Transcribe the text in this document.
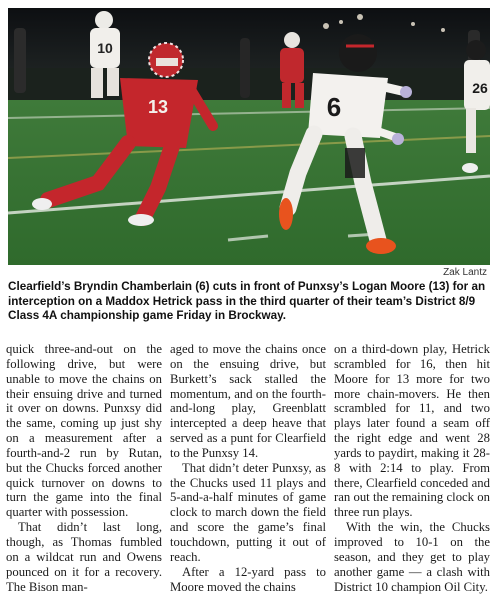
10
13	6
26
Zak Lantz
Clearfield’s Bryndin Chamberlain (6) cuts in front of Punxsy’s Logan Moore (13) for an interception on a Maddox Hetrick pass in the third quarter of their team’s District 8/9 Class 4A championship game Friday in Brockway.

quick three-and-out on the following drive, but were unable to move the chains on their ensuing drive and turned it over on downs. Punxsy did the same, coming up just shy on a measurement after a fourth-and-2 run by Rutan, but the Chucks forced another quick turnover on downs to turn the game into the final quarter with possession.

That didn’t last long, though, as Thomas fumbled on a wildcat run and Owens pounced on it for a recovery. The Bison man-

aged to move the chains once on the ensuing drive, but Burkett’s sack stalled the momentum, and on the fourth-and-long play, Greenblatt intercepted a deep heave that served as a punt for Clearfield to the Punxsy 14.

That didn’t deter Punxsy, as the Chucks used 11 plays and 5-and-a-half minutes of game clock to march down the field and score the game’s final touchdown, putting it out of reach.

After a 12-yard pass to Moore moved the chains

on a third-down play, Hetrick scrambled for 16, then hit Moore for 13 more for two more chain-movers. He then scrambled for 11, and two plays later found a seam off the right edge and went 28 yards to paydirt, making it 28-8 with 2:14 to play. From there, Clearfield conceded and ran out the remaining clock on three run plays.

With the win, the Chucks improved to 10-1 on the season, and they get to play another game — a clash with District 10 champion Oil City.
